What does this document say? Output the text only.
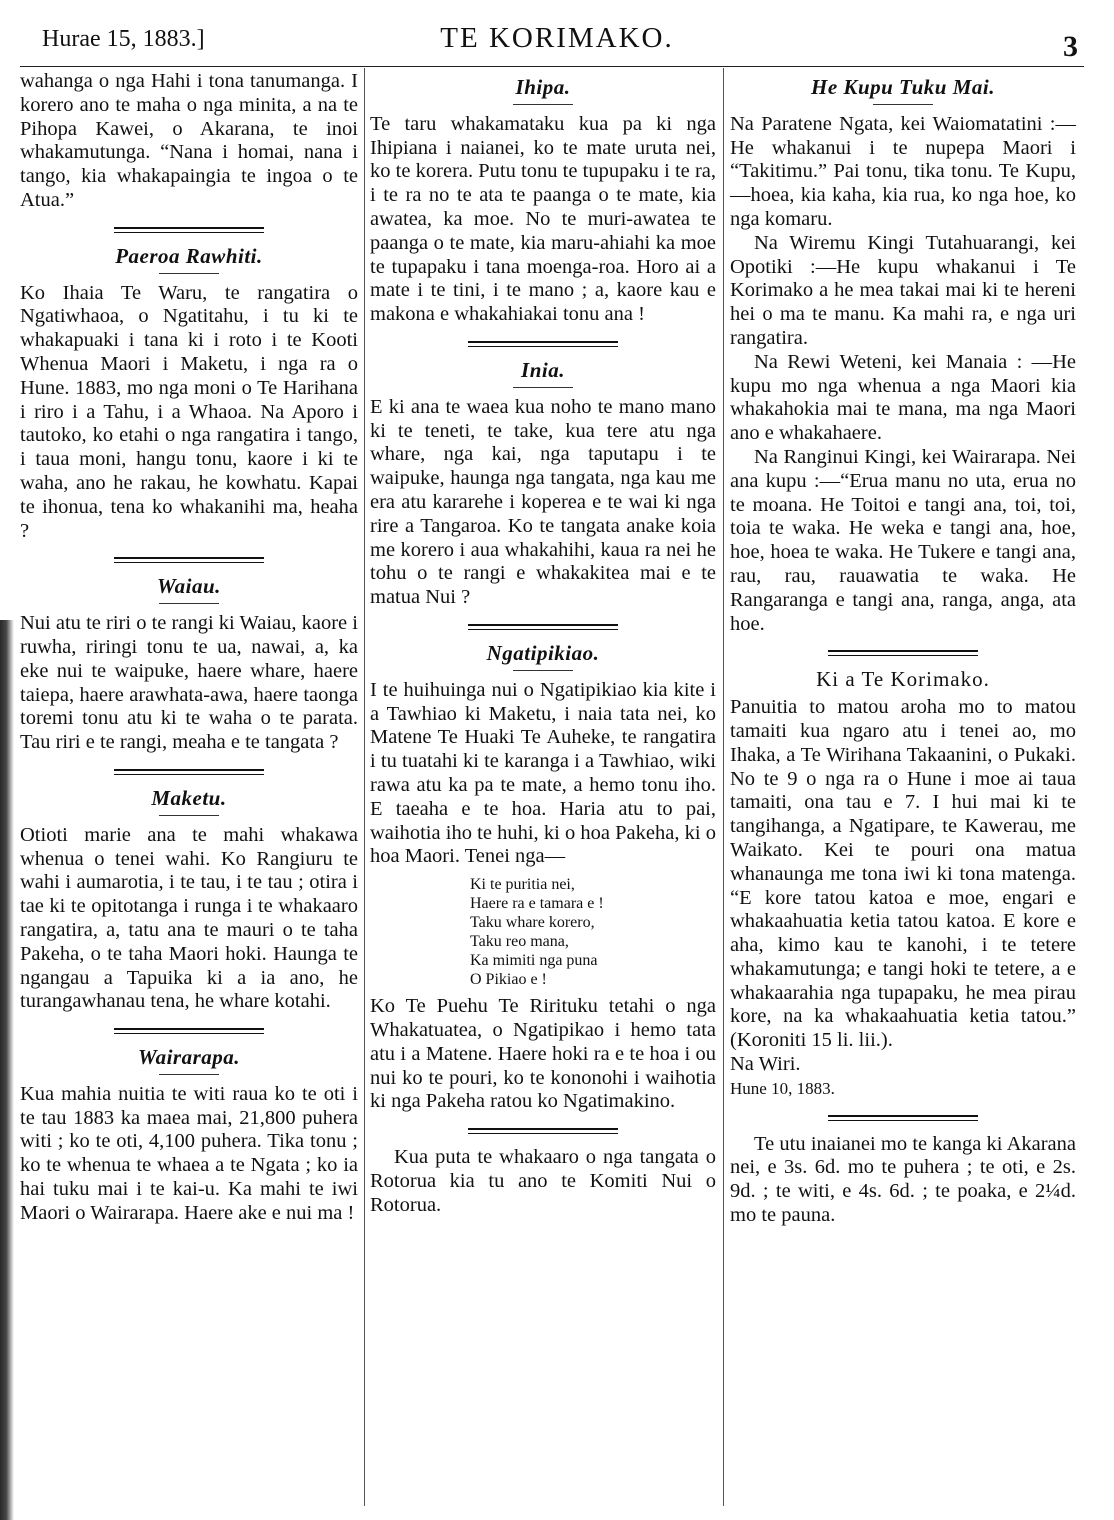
Hurae 15, 1883.]	TE KORIMAKO.	3

wahanga o nga Hahi i tona tanumanga. I korero ano te maha o nga minita, a na te Pihopa Kawei, o Akarana, te inoi whakamutunga. “Nana i homai, nana i tango, kia whakapaingia te ingoa o te Atua.”

Paeroa Rawhiti.

Ko Ihaia Te Waru, te rangatira o Ngatiwhaoa, o Ngatitahu, i tu ki te whakapuaki i tana ki i roto i te Kooti Whenua Maori i Maketu, i nga ra o Hune. 1883, mo nga moni o Te Harihana i riro i a Tahu, i a Whaoa. Na Aporo i tautoko, ko etahi o nga rangatira i tango, i taua moni, hangu tonu, kaore i ki te waha, ano he rakau, he kowhatu. Kapai te ihonua, tena ko whakanihi ma, heaha ?

Waiau.

Nui atu te riri o te rangi ki Waiau, kaore i ruwha, riringi tonu te ua, nawai, a, ka eke nui te waipuke, haere whare, haere taiepa, haere arawhata-awa, haere taonga toremi tonu atu ki te waha o te parata. Tau riri e te rangi, meaha e te tangata ?

Maketu.

Otioti marie ana te mahi whakawa whenua o tenei wahi. Ko Rangiuru te wahi i aumarotia, i te tau, i te tau ; otira i tae ki te opitotanga i runga i te whakaaro rangatira, a, tatu ana te mauri o te taha Pakeha, o te taha Maori hoki. Haunga te ngangau a Tapuika ki a ia ano, he turangawhanau tena, he whare kotahi.

Wairarapa.

Kua mahia nuitia te witi raua ko te oti i te tau 1883 ka maea mai, 21,800 puhera witi ; ko te oti, 4,100 puhera. Tika tonu ; ko te whenua te whaea a te Ngata ; ko ia hai tuku mai i te kai-u. Ka mahi te iwi Maori o Wairarapa. Haere ake e nui ma !

Ihipa.

Te taru whakamataku kua pa ki nga Ihipiana i naianei, ko te mate uruta nei, ko te korera. Putu tonu te tupupaku i te ra, i te ra no te ata te paanga o te mate, kia awatea, ka moe. No te muri-awatea te paanga o te mate, kia maru-ahiahi ka moe te tupapaku i tana moenga-roa. Horo ai a mate i te tini, i te mano ; a, kaore kau e makona e whakahiakai tonu ana !

Inia.

E ki ana te waea kua noho te mano mano ki te teneti, te take, kua tere atu nga whare, nga kai, nga taputapu i te waipuke, haunga nga tangata, nga kau me era atu kararehe i koperea e te wai ki nga rire a Tangaroa. Ko te tangata anake koia me korero i aua whakahihi, kaua ra nei he tohu o te rangi e whakakitea mai e te matua Nui ?

Ngatipikiao.

I te huihuinga nui o Ngatipikiao kia kite i a Tawhiao ki Maketu, i naia tata nei, ko Matene Te Huaki Te Auheke, te rangatira i tu tuatahi ki te karanga i a Tawhiao, wiki rawa atu ka pa te mate, a hemo tonu iho. E taeaha e te hoa. Haria atu to pai, waihotia iho te huhi, ki o hoa Pakeha, ki o hoa Maori. Tenei nga—

Ki te puritia nei,
Haere ra e tamara e !
Taku whare korero,
Taku reo mana,
Ka mimiti nga puna
O Pikiao e !

Ko Te Puehu Te Rirituku tetahi o nga Whakatuatea, o Ngatipikao i hemo tata atu i a Matene. Haere hoki ra e te hoa i ou nui ko te pouri, ko te kononohi i waihotia ki nga Pakeha ratou ko Ngatimakino.

Kua puta te whakaaro o nga tangata o Rotorua kia tu ano te Komiti Nui o Rotorua.

He Kupu Tuku Mai.

Na Paratene Ngata, kei Waiomatatini :—He whakanui i te nupepa Maori i “Takitimu.” Pai tonu, tika tonu. Te Kupu, —hoea, kia kaha, kia rua, ko nga hoe, ko nga komaru.

Na Wiremu Kingi Tutahuarangi, kei Opotiki :—He kupu whakanui i Te Korimako a he mea takai mai ki te hereni hei o ma te manu. Ka mahi ra, e nga uri rangatira.

Na Rewi Weteni, kei Manaia : —He kupu mo nga whenua a nga Maori kia whakahokia mai te mana, ma nga Maori ano e whakahaere.

Na Ranginui Kingi, kei Wairarapa. Nei ana kupu :—“Erua manu no uta, erua no te moana. He Toitoi e tangi ana, toi, toi, toia te waka. He weka e tangi ana, hoe, hoe, hoea te waka. He Tukere e tangi ana, rau, rau, rauawatia te waka. He Rangaranga e tangi ana, ranga, anga, ata hoe.

Ki a Te Korimako.

Panuitia to matou aroha mo to matou tamaiti kua ngaro atu i tenei ao, mo Ihaka, a Te Wirihana Takaanini, o Pukaki. No te 9 o nga ra o Hune i moe ai taua tamaiti, ona tau e 7. I hui mai ki te tangihanga, a Ngatipare, te Kawerau, me Waikato. Kei te pouri ona matua whanaunga me tona iwi ki tona matenga. “E kore tatou katoa e moe, engari e whakaahuatia ketia tatou katoa. E kore e aha, kimo kau te kanohi, i te tetere whakamutunga; e tangi hoki te tetere, a e whakaarahia nga tupapaku, he mea pirau kore, na ka whakaahuatia ketia tatou.” (Koroniti 15 li. lii.).

Na Wiri.

Hune 10, 1883.

Te utu inaianei mo te kanga ki Akarana nei, e 3s. 6d. mo te puhera ; te oti, e 2s. 9d. ; te witi, e 4s. 6d. ; te poaka, e 2¼d. mo te pauna.
